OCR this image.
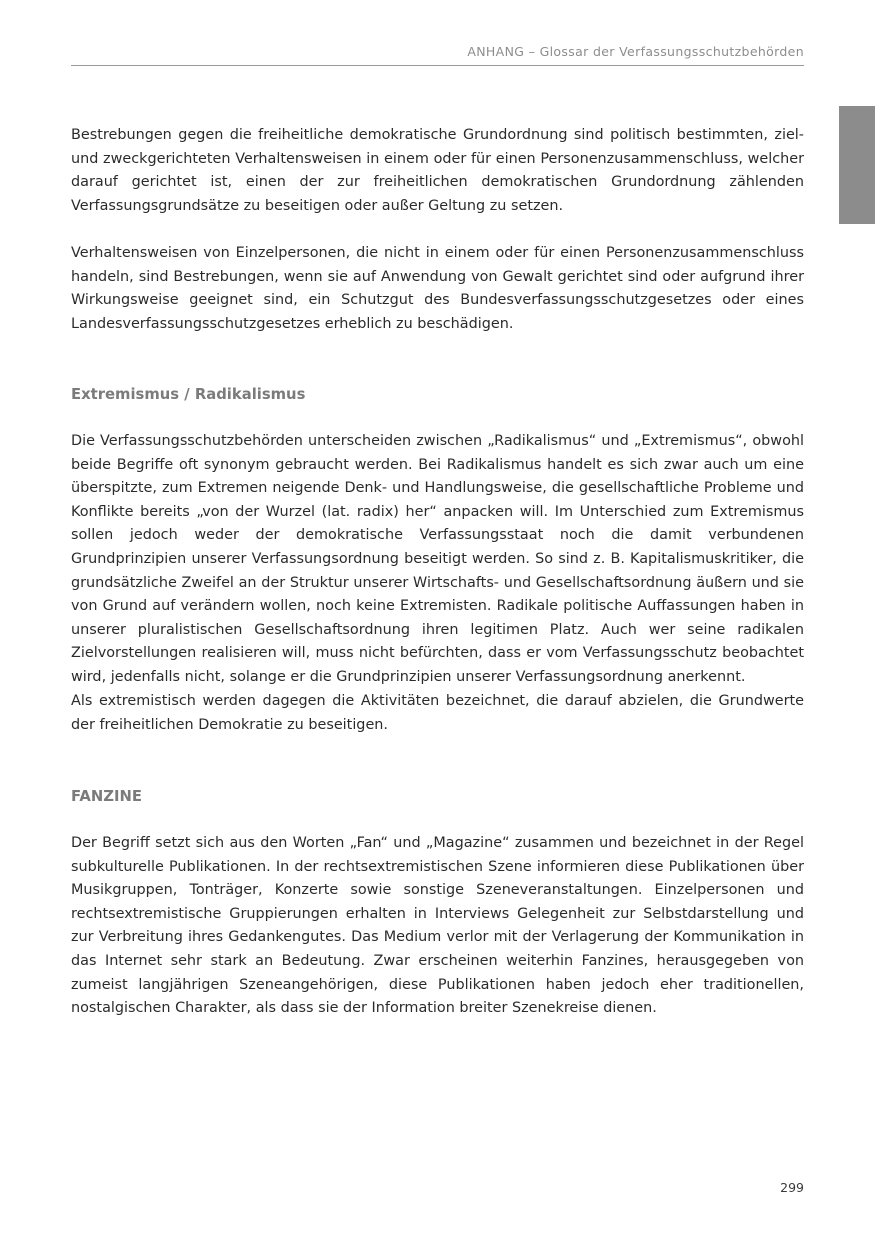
ANHANG – Glossar der Verfassungsschutzbehörden

Bestrebungen gegen die freiheitliche demokratische Grundordnung sind politisch bestimmten, ziel- und zweckgerichteten Verhaltensweisen in einem oder für einen Personenzusammenschluss, welcher darauf gerichtet ist, einen der zur freiheitlichen demokratischen Grundordnung zählenden Verfassungsgrundsätze zu beseitigen oder außer Geltung zu setzen.

Verhaltensweisen von Einzelpersonen, die nicht in einem oder für einen Personenzusammenschluss handeln, sind Bestrebungen, wenn sie auf Anwendung von Gewalt gerichtet sind oder aufgrund ihrer Wirkungsweise geeignet sind, ein Schutzgut des Bundesverfassungsschutzgesetzes oder eines Landesverfassungsschutzgesetzes erheblich zu beschädigen.

Extremismus / Radikalismus

Die Verfassungsschutzbehörden unterscheiden zwischen „Radikalismus“ und „Extremismus“, obwohl beide Begriffe oft synonym gebraucht werden. Bei Radikalismus handelt es sich zwar auch um eine überspitzte, zum Extremen neigende Denk- und Handlungsweise, die gesellschaftliche Probleme und Konflikte bereits „von der Wurzel (lat. radix) her“ anpacken will. Im Unterschied zum Extremismus sollen jedoch weder der demokratische Verfassungsstaat noch die damit verbundenen Grundprinzipien unserer Verfassungsordnung beseitigt werden. So sind z. B. Kapitalismuskritiker, die grundsätzliche Zweifel an der Struktur unserer Wirtschafts- und Gesellschaftsordnung äußern und sie von Grund auf verändern wollen, noch keine Extremisten. Radikale politische Auffassungen haben in unserer pluralistischen Gesellschaftsordnung ihren legitimen Platz. Auch wer seine radikalen Zielvorstellungen realisieren will, muss nicht befürchten, dass er vom Verfassungsschutz beobachtet wird, jedenfalls nicht, solange er die Grundprinzipien unserer Verfassungsordnung anerkennt.

Als extremistisch werden dagegen die Aktivitäten bezeichnet, die darauf abzielen, die Grundwerte der freiheitlichen Demokratie zu beseitigen.

FANZINE

Der Begriff setzt sich aus den Worten „Fan“ und „Magazine“ zusammen und bezeichnet in der Regel subkulturelle Publikationen. In der rechtsextremistischen Szene informieren diese Publikationen über Musikgruppen, Tonträger, Konzerte sowie sonstige Szeneveranstaltungen. Einzelpersonen und rechtsextremistische Gruppierungen erhalten in Interviews Gelegenheit zur Selbstdarstellung und zur Verbreitung ihres Gedankengutes. Das Medium verlor mit der Verlagerung der Kommunikation in das Internet sehr stark an Bedeutung. Zwar erscheinen weiterhin Fanzines, herausgegeben von zumeist langjährigen Szeneangehörigen, diese Publikationen haben jedoch eher traditionellen, nostalgischen Charakter, als dass sie der Information breiter Szenekreise dienen.

299
